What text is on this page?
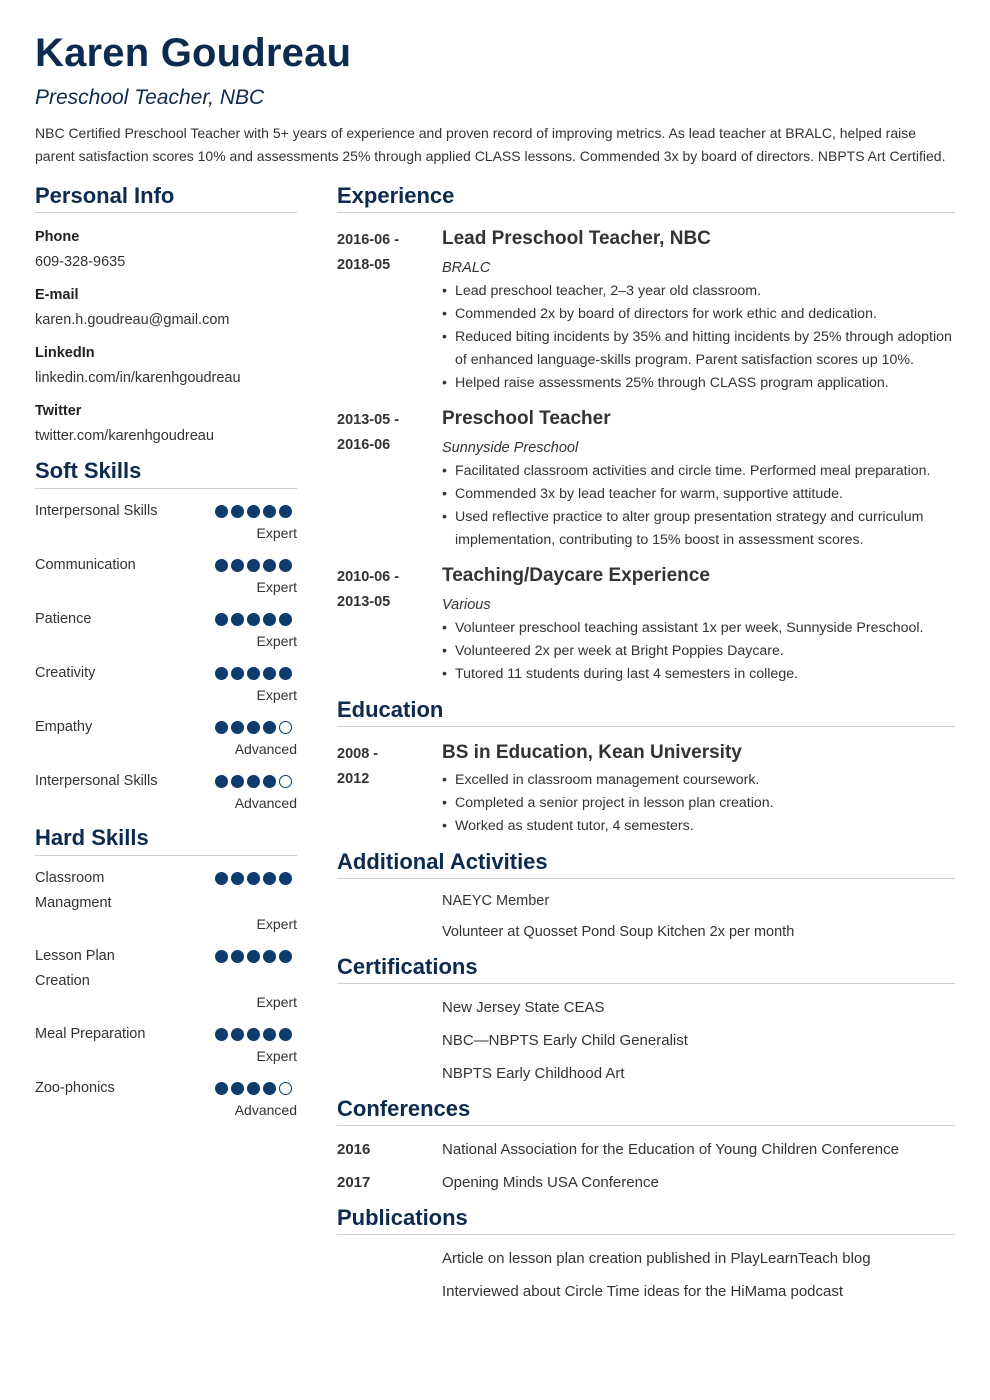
Karen Goudreau
Preschool Teacher, NBC
NBC Certified Preschool Teacher with 5+ years of experience and proven record of improving metrics. As lead teacher at BRALC, helped raise parent satisfaction scores 10% and assessments 25% through applied CLASS lessons. Commended 3x by board of directors. NBPTS Art Certified.
Personal Info
Phone
609-328-9635
E-mail
karen.h.goudreau@gmail.com
LinkedIn
linkedin.com/in/karenhgoudreau
Twitter
twitter.com/karenhgoudreau
Soft Skills
Interpersonal Skills
Expert
Communication
Expert
Patience
Expert
Creativity
Expert
Empathy
Advanced
Interpersonal Skills
Advanced
Hard Skills
Classroom Managment
Expert
Lesson Plan Creation
Expert
Meal Preparation
Expert
Zoo-phonics
Advanced
Experience
2016-06 -
2018-05
Lead Preschool Teacher, NBC
BRALC
• Lead preschool teacher, 2–3 year old classroom.
• Commended 2x by board of directors for work ethic and dedication.
• Reduced biting incidents by 35% and hitting incidents by 25% through adoption of enhanced language-skills program. Parent satisfaction scores up 10%.
• Helped raise assessments 25% through CLASS program application.
2013-05 -
2016-06
Preschool Teacher
Sunnyside Preschool
• Facilitated classroom activities and circle time. Performed meal preparation.
• Commended 3x by lead teacher for warm, supportive attitude.
• Used reflective practice to alter group presentation strategy and curriculum implementation, contributing to 15% boost in assessment scores.
2010-06 -
2013-05
Teaching/Daycare Experience
Various
• Volunteer preschool teaching assistant 1x per week, Sunnyside Preschool.
• Volunteered 2x per week at Bright Poppies Daycare.
• Tutored 11 students during last 4 semesters in college.
Education
2008 -
2012
BS in Education, Kean University
• Excelled in classroom management coursework.
• Completed a senior project in lesson plan creation.
• Worked as student tutor, 4 semesters.
Additional Activities
NAEYC Member
Volunteer at Quosset Pond Soup Kitchen 2x per month
Certifications
New Jersey State CEAS
NBC—NBPTS Early Child Generalist
NBPTS Early Childhood Art
Conferences
2016	National Association for the Education of Young Children Conference
2017	Opening Minds USA Conference
Publications
Article on lesson plan creation published in PlayLearnTeach blog
Interviewed about Circle Time ideas for the HiMama podcast
